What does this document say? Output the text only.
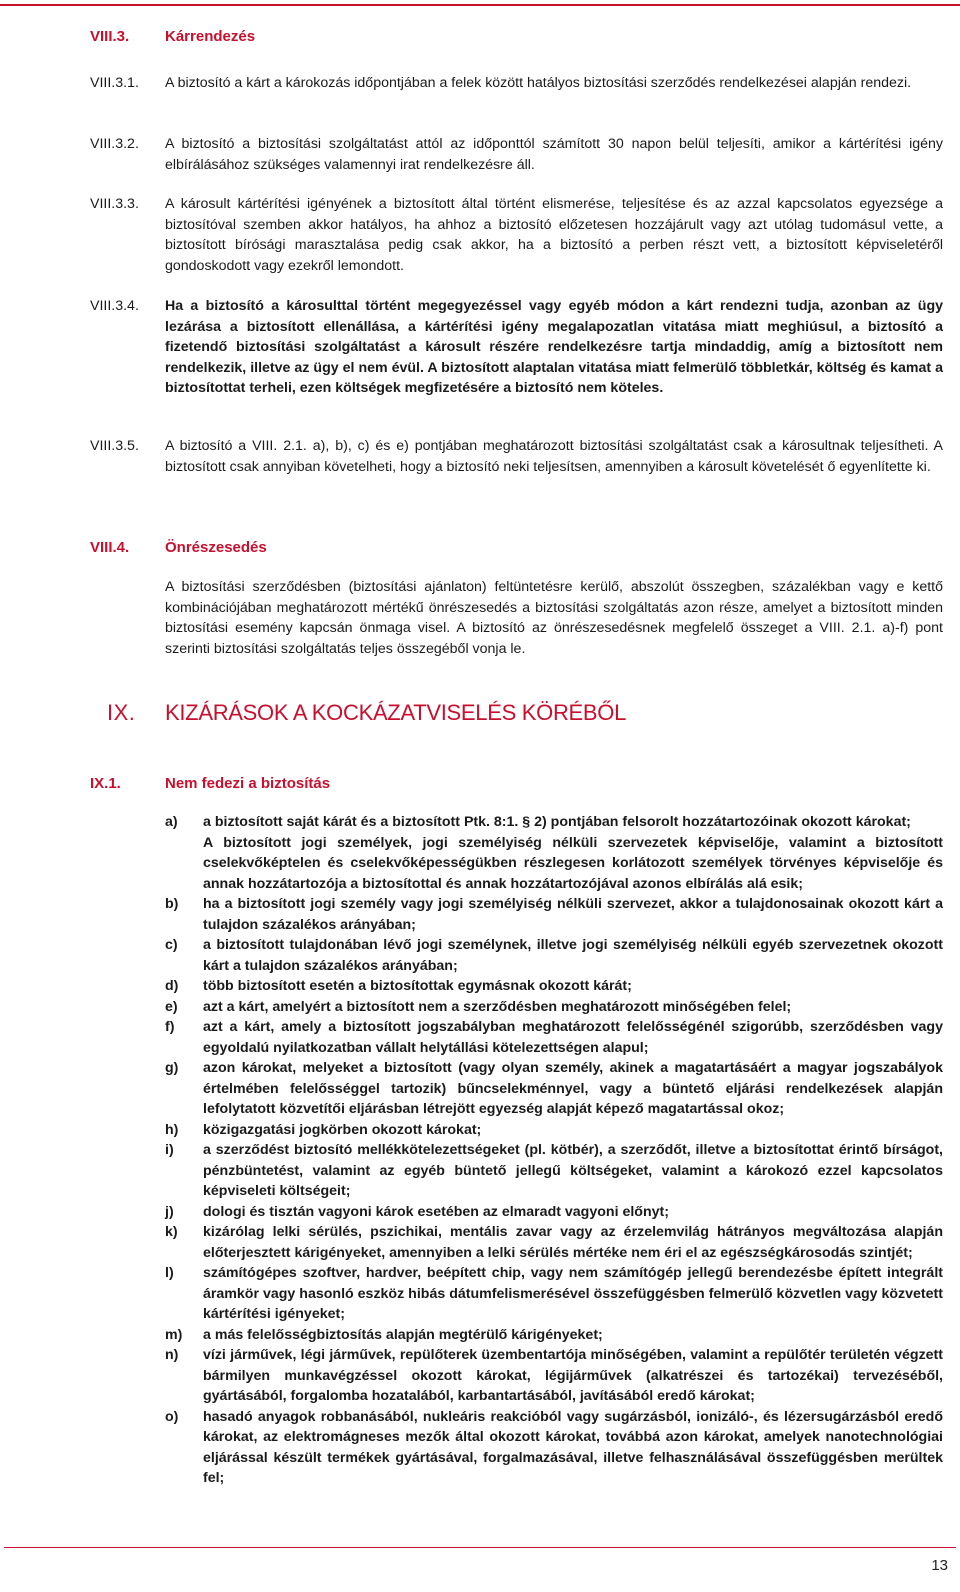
VIII.3. Kárrendezés
VIII.3.1. A biztosító a kárt a károkozás időpontjában a felek között hatályos biztosítási szerződés rendelkezései alapján rendezi.

VIII.3.2. A biztosító a biztosítási szolgáltatást attól az időponttól számított 30 napon belül teljesíti, amikor a kártérítési igény elbírálásához szükséges valamennyi irat rendelkezésre áll.

VIII.3.3. A károsult kártérítési igényének a biztosított által történt elismerése, teljesítése és az azzal kapcsolatos egyezsége a biztosítóval szemben akkor hatályos, ha ahhoz a biztosító előzetesen hozzájárult vagy azt utólag tudomásul vette, a biztosított bírósági marasztalása pedig csak akkor, ha a biztosító a perben részt vett, a biztosított képviseletéről gondoskodott vagy ezekről lemondott.

VIII.3.4. Ha a biztosító a károsulttal történt megegyezéssel vagy egyéb módon a kárt rendezni tudja, azonban az ügy lezárása a biztosított ellenállása, a kártérítési igény megalapozatlan vitatása miatt meghiúsul, a biztosító a fizetendő biztosítási szolgáltatást a károsult részére rendelkezésre tartja mindaddig, amíg a biztosított nem rendelkezik, illetve az ügy el nem évül. A biztosított alaptalan vitatása miatt felmerülő többletkár, költség és kamat a biztosítottat terheli, ezen költségek megfizetésére a biztosító nem köteles.

VIII.3.5. A biztosító a VIII. 2.1. a), b), c) és e) pontjában meghatározott biztosítási szolgáltatást csak a károsultnak teljesítheti. A biztosított csak annyiban követelheti, hogy a biztosító neki teljesítsen, amennyiben a károsult követelését ő egyenlítette ki.

VIII.4. Önrészesedés

A biztosítási szerződésben (biztosítási ajánlaton) feltüntetésre kerülő, abszolút összegben, százalékban vagy e kettő kombinációjában meghatározott mértékű önrészesedés a biztosítási szolgáltatás azon része, amelyet a biztosított minden biztosítási esemény kapcsán önmaga visel. A biztosító az önrészesedésnek megfelelő összeget a VIII. 2.1. a)-f) pont szerinti biztosítási szolgáltatás teljes összegéből vonja le.

IX. KIZÁRÁSOK A KOCKÁZATVISELÉS KÖRÉBŐL
IX.1.	Nem fedezi a biztosítás
a) a biztosított saját kárát és a biztosított Ptk. 8:1. § 2) pontjában felsorolt hozzátartozóinak okozott károkat;
A biztosított jogi személyek, jogi személyiség nélküli szervezetek képviselője, valamint a biztosított cselekvőképtelen és cselekvőképességükben részlegesen korlátozott személyek törvényes képviselője és annak hozzátartozója a biztosítottal és annak hozzátartozójával azonos elbírálás alá esik;
b) ha a biztosított jogi személy vagy jogi személyiség nélküli szervezet, akkor a tulajdonosainak okozott kárt a tulajdon százalékos arányában;
c) a biztosított tulajdonában lévő jogi személynek, illetve jogi személyiség nélküli egyéb szervezetnek okozott kárt a tulajdon százalékos arányában;
d) több biztosított esetén a biztosítottak egymásnak okozott kárát;
e) azt a kárt, amelyért a biztosított nem a szerződésben meghatározott minőségében felel;
f) azt a kárt, amely a biztosított jogszabályban meghatározott felelősségénél szigorúbb, szerződésben vagy egyoldalú nyilatkozatban vállalt helytállási kötelezettségen alapul;
g) azon károkat, melyeket a biztosított (vagy olyan személy, akinek a magatartásáért a magyar jogszabályok értelmében felelősséggel tartozik) bűncselekménnyel, vagy a büntető eljárási rendelkezések alapján lefolytatott közvetítői eljárásban létrejött egyezség alapját képező magatartással okoz;
h) közigazgatási jogkörben okozott károkat;
i) a szerződést biztosító mellékkötelezettségeket (pl. kötbér), a szerződőt, illetve a biztosítottat érintő bírságot, pénzbüntetést, valamint az egyéb büntető jellegű költségeket, valamint a károkozó ezzel kapcsolatos képviseleti költségeit;
j) dologi és tisztán vagyoni károk esetében az elmaradt vagyoni előnyt;
k) kizárólag lelki sérülés, pszichikai, mentális zavar vagy az érzelemvilág hátrányos megváltozása alapján előterjesztett kárigényeket, amennyiben a lelki sérülés mértéke nem éri el az egészségkárosodás szintjét;
l) számítógépes szoftver, hardver, beépített chip, vagy nem számítógép jellegű berendezésbe épített integrált áramkör vagy hasonló eszköz hibás dátumfelismerésével összefüggésben felmerülő közvetlen vagy közvetett kártérítési igényeket;
m) a más felelősségbiztosítás alapján megtérülő kárigényeket;
n) vízi járművek, légi járművek, repülőterek üzembentartója minőségében, valamint a repülőtér területén végzett bármilyen munkavégzéssel okozott károkat, légijárművek (alkatrészei és tartozékai) tervezéséből, gyártásából, forgalomba hozatalából, karbantartásából, javításából eredő károkat;
o) hasadó anyagok robbanásából, nukleáris reakcióból vagy sugárzásból, ionizáló-, és lézersugárzásból eredő károkat, az elektromágneses mezők által okozott károkat, továbbá azon károkat, amelyek nanotechnológiai eljárással készült termékek gyártásával, forgalmazásával, illetve felhasználásával összefüggésben merültek fel;
13
